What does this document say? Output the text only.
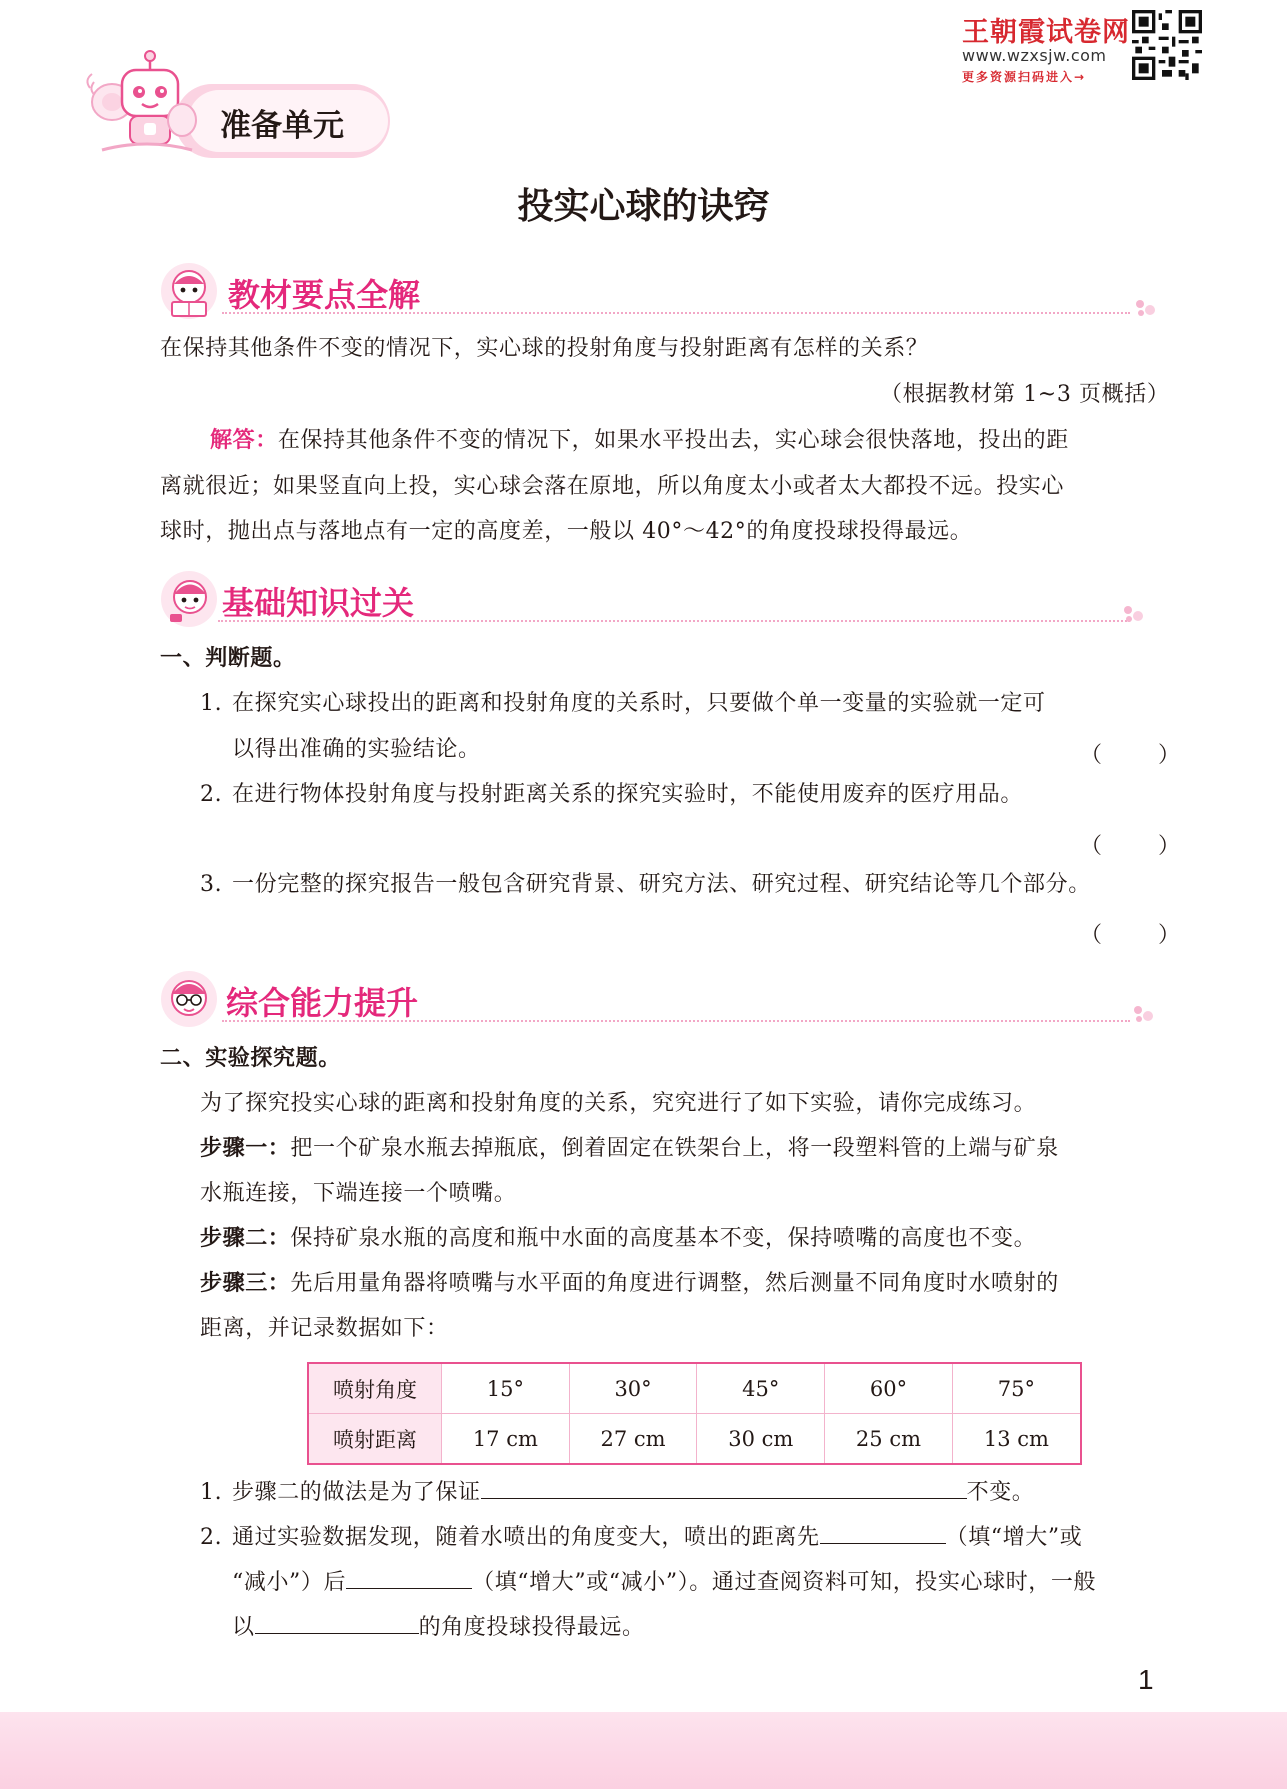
王朝霞试卷网
www.wzxsjw.com
更多资源扫码进入→
准备单元
投实心球的诀窍
教材要点全解
在保持其他条件不变的情况下，实心球的投射角度与投射距离有怎样的关系？
（根据教材第 1~3 页概括）
解答：在保持其他条件不变的情况下，如果水平投出去，实心球会很快落地，投出的距
离就很近；如果竖直向上投，实心球会落在原地，所以角度太小或者太大都投不远。投实心
球时，抛出点与落地点有一定的高度差，一般以 40°～42°的角度投球投得最远。
基础知识过关
一、判断题。
1. 在探究实心球投出的距离和投射角度的关系时，只要做个单一变量的实验就一定可
以得出准确的实验结论。	（        ）
2. 在进行物体投射角度与投射距离关系的探究实验时，不能使用废弃的医疗用品。
（        ）
3. 一份完整的探究报告一般包含研究背景、研究方法、研究过程、研究结论等几个部分。
（        ）
综合能力提升
二、实验探究题。
为了探究投实心球的距离和投射角度的关系，究究进行了如下实验，请你完成练习。
步骤一：把一个矿泉水瓶去掉瓶底，倒着固定在铁架台上，将一段塑料管的上端与矿泉
水瓶连接，下端连接一个喷嘴。
步骤二：保持矿泉水瓶的高度和瓶中水面的高度基本不变，保持喷嘴的高度也不变。
步骤三：先后用量角器将喷嘴与水平面的角度进行调整，然后测量不同角度时水喷射的
距离，并记录数据如下：
喷射角度	15°	30°	45°	60°	75°
喷射距离	17 cm	27 cm	30 cm	25 cm	13 cm
1. 步骤二的做法是为了保证	不变。
2. 通过实验数据发现，随着水喷出的角度变大，喷出的距离先	（填“增大”或
“减小”）后	（填“增大”或“减小”）。通过查阅资料可知，投实心球时，一般
以	的角度投球投得最远。
1
